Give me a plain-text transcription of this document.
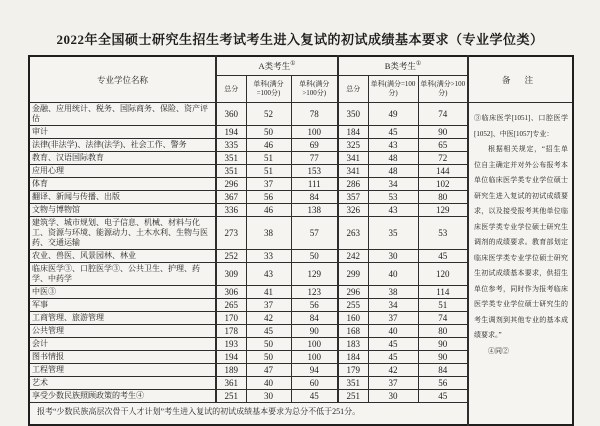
2022年全国硕士研究生招生考试考生进入复试的初试成绩基本要求（专业学位类）
专业学位名称	A类考生①			B类考生①			备 注
	总分	单科(满分=100分)	单科(满分>100分)	总分	单科(满分=100分)	单科(满分>100分)	
金融、应用统计、税务、国际商务、保险、资产评估	360	52	78	350	49	74	③临床医学[1051]、口腔医学[1052]、中医[1057]专业：
根据相关规定，“招生单位自主确定并对外公布报考本单位临床医学类专业学位硕士研究生进入复试的初试成绩要求，以及接受报考其他单位临床医学类专业学位硕士研究生调剂的成绩要求。教育部划定临床医学类专业学位硕士研究生初试成绩基本要求，供招生单位参考，同时作为报考临床医学类专业学位硕士研究生的考生调剂到其他专业的基本成绩要求。”
④同②

审计	194	50	100	184	45	90	
法律(非法学)、法律(法学)、社会工作、警务	335	46	69	325	43	65	
教育、汉语国际教育	351	51	77	341	48	72	
应用心理	351	51	153	341	48	144	
体育	296	37	111	286	34	102	
翻译、新闻与传播、出版	367	56	84	357	53	80	
文物与博物馆	336	46	138	326	43	129	
建筑学、城市规划、电子信息、机械、材料与化工、资源与环境、能源动力、土木水利、生物与医药、交通运输	273	38	57	263	35	53	
农业、兽医、风景园林、林业	252	33	50	242	30	45	
临床医学③、口腔医学③、公共卫生、护理、药学、中药学	309	43	129	299	40	120	
中医③	306	41	123	296	38	114	
军事	265	37	56	255	34	51	
工商管理、旅游管理	170	42	84	160	37	74	
公共管理	178	45	90	168	40	80	
会计	193	50	100	183	45	90	
图书情报	194	50	100	184	45	90	
工程管理	189	47	94	179	42	84	
艺术	361	40	60	351	37	56	
享受少数民族照顾政策的考生④	251	30	45	251	30	45	
报考“少数民族高层次骨干人才计划”考生进入复试的初试成绩基本要求为总分不低于251分。							
